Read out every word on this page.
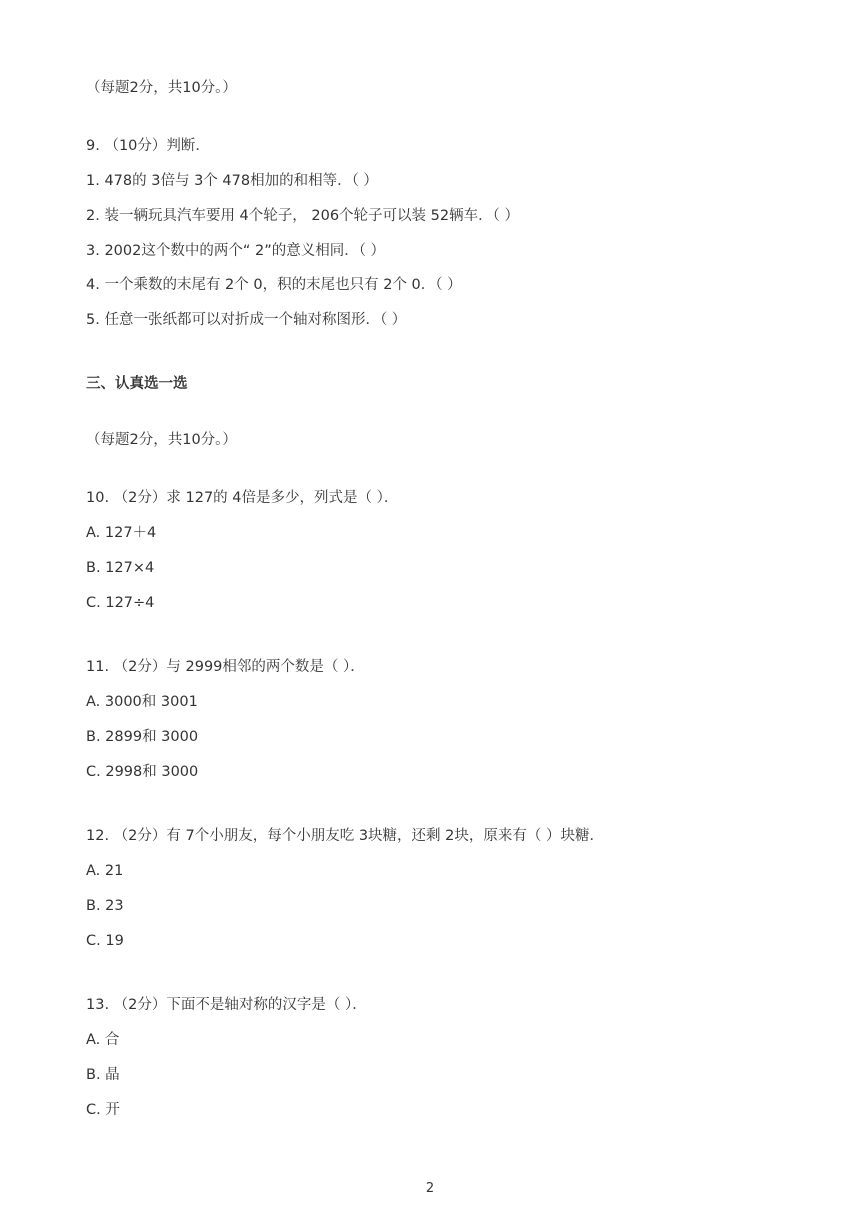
（每题2分，共10分。）
9. （10分）判断．
1. 478的 3倍与 3个 478相加的和相等．（ ）
2. 装一辆玩具汽车要用 4个轮子， 206个轮子可以装 52辆车．（ ）
3. 2002这个数中的两个“ 2”的意义相同．（ ）
4. 一个乘数的末尾有 2个 0，积的末尾也只有 2个 0．（ ）
5. 任意一张纸都可以对折成一个轴对称图形．（ ）
三、认真选一选
（每题2分，共10分。）
10. （2分）求 127的 4倍是多少，列式是（ ）．
A. 127＋4
B. 127×4
C. 127÷4
11. （2分）与 2999相邻的两个数是（ ）．
A. 3000和 3001
B. 2899和 3000
C. 2998和 3000
12. （2分）有 7个小朋友，每个小朋友吃 3块糖，还剩 2块，原来有（ ）块糖．
A. 21
B. 23
C. 19
13. （2分）下面不是轴对称的汉字是（ ）．
A. 合
B. 晶
C. 开
2
